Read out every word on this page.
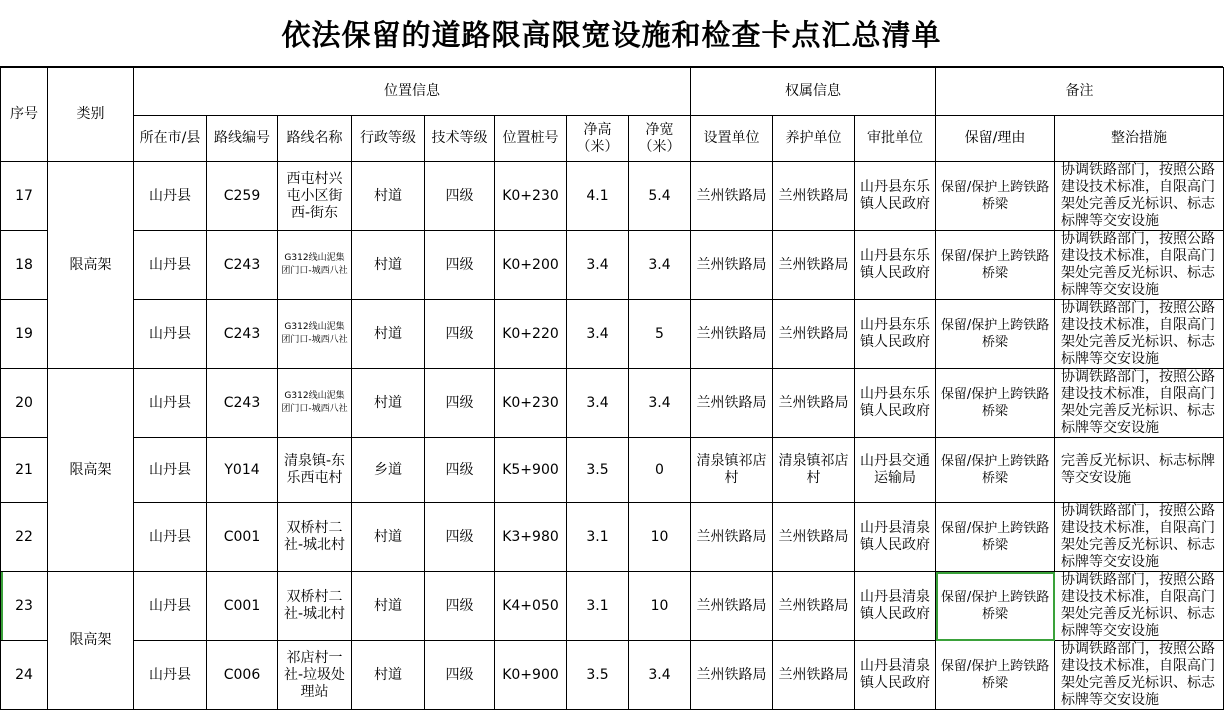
依法保留的道路限高限宽设施和检查卡点汇总清单
序号	类别	位置信息								权属信息			备注	
		所在市/县	路线编号	路线名称	行政等级	技术等级	位置桩号	净高（米）	净宽（米）	设置单位	养护单位	审批单位	保留/理由	整治措施
17	限高架	山丹县	C259	西屯村兴屯小区街西-街东	村道	四级	K0+230	4.1	5.4	兰州铁路局	兰州铁路局	山丹县东乐镇人民政府	保留/保护上跨铁路桥梁	协调铁路部门，按照公路建设技术标准，自限高门架处完善反光标识、标志标牌等交安设施
18		山丹县	C243	G312线山泥集团门口-城西八社	村道	四级	K0+200	3.4	3.4	兰州铁路局	兰州铁路局	山丹县东乐镇人民政府	保留/保护上跨铁路桥梁	协调铁路部门，按照公路建设技术标准，自限高门架处完善反光标识、标志标牌等交安设施
19		山丹县	C243	G312线山泥集团门口-城西八社	村道	四级	K0+220	3.4	5	兰州铁路局	兰州铁路局	山丹县东乐镇人民政府	保留/保护上跨铁路桥梁	协调铁路部门，按照公路建设技术标准，自限高门架处完善反光标识、标志标牌等交安设施
20	限高架	山丹县	C243	G312线山泥集团门口-城西八社	村道	四级	K0+230	3.4	3.4	兰州铁路局	兰州铁路局	山丹县东乐镇人民政府	保留/保护上跨铁路桥梁	协调铁路部门，按照公路建设技术标准，自限高门架处完善反光标识、标志标牌等交安设施
21		山丹县	Y014	清泉镇-东乐西屯村	乡道	四级	K5+900	3.5	0	清泉镇祁店村	清泉镇祁店村	山丹县交通运输局	保留/保护上跨铁路桥梁	完善反光标识、标志标牌等交安设施
22		山丹县	C001	双桥村二社-城北村	村道	四级	K3+980	3.1	10	兰州铁路局	兰州铁路局	山丹县清泉镇人民政府	保留/保护上跨铁路桥梁	协调铁路部门，按照公路建设技术标准，自限高门架处完善反光标识、标志标牌等交安设施
23	限高架	山丹县	C001	双桥村二社-城北村	村道	四级	K4+050	3.1	10	兰州铁路局	兰州铁路局	山丹县清泉镇人民政府	保留/保护上跨铁路桥梁	协调铁路部门，按照公路建设技术标准，自限高门架处完善反光标识、标志标牌等交安设施
24		山丹县	C006	祁店村一社-垃圾处理站	村道	四级	K0+900	3.5	3.4	兰州铁路局	兰州铁路局	山丹县清泉镇人民政府	保留/保护上跨铁路桥梁	协调铁路部门，按照公路建设技术标准，自限高门架处完善反光标识、标志标牌等交安设施
